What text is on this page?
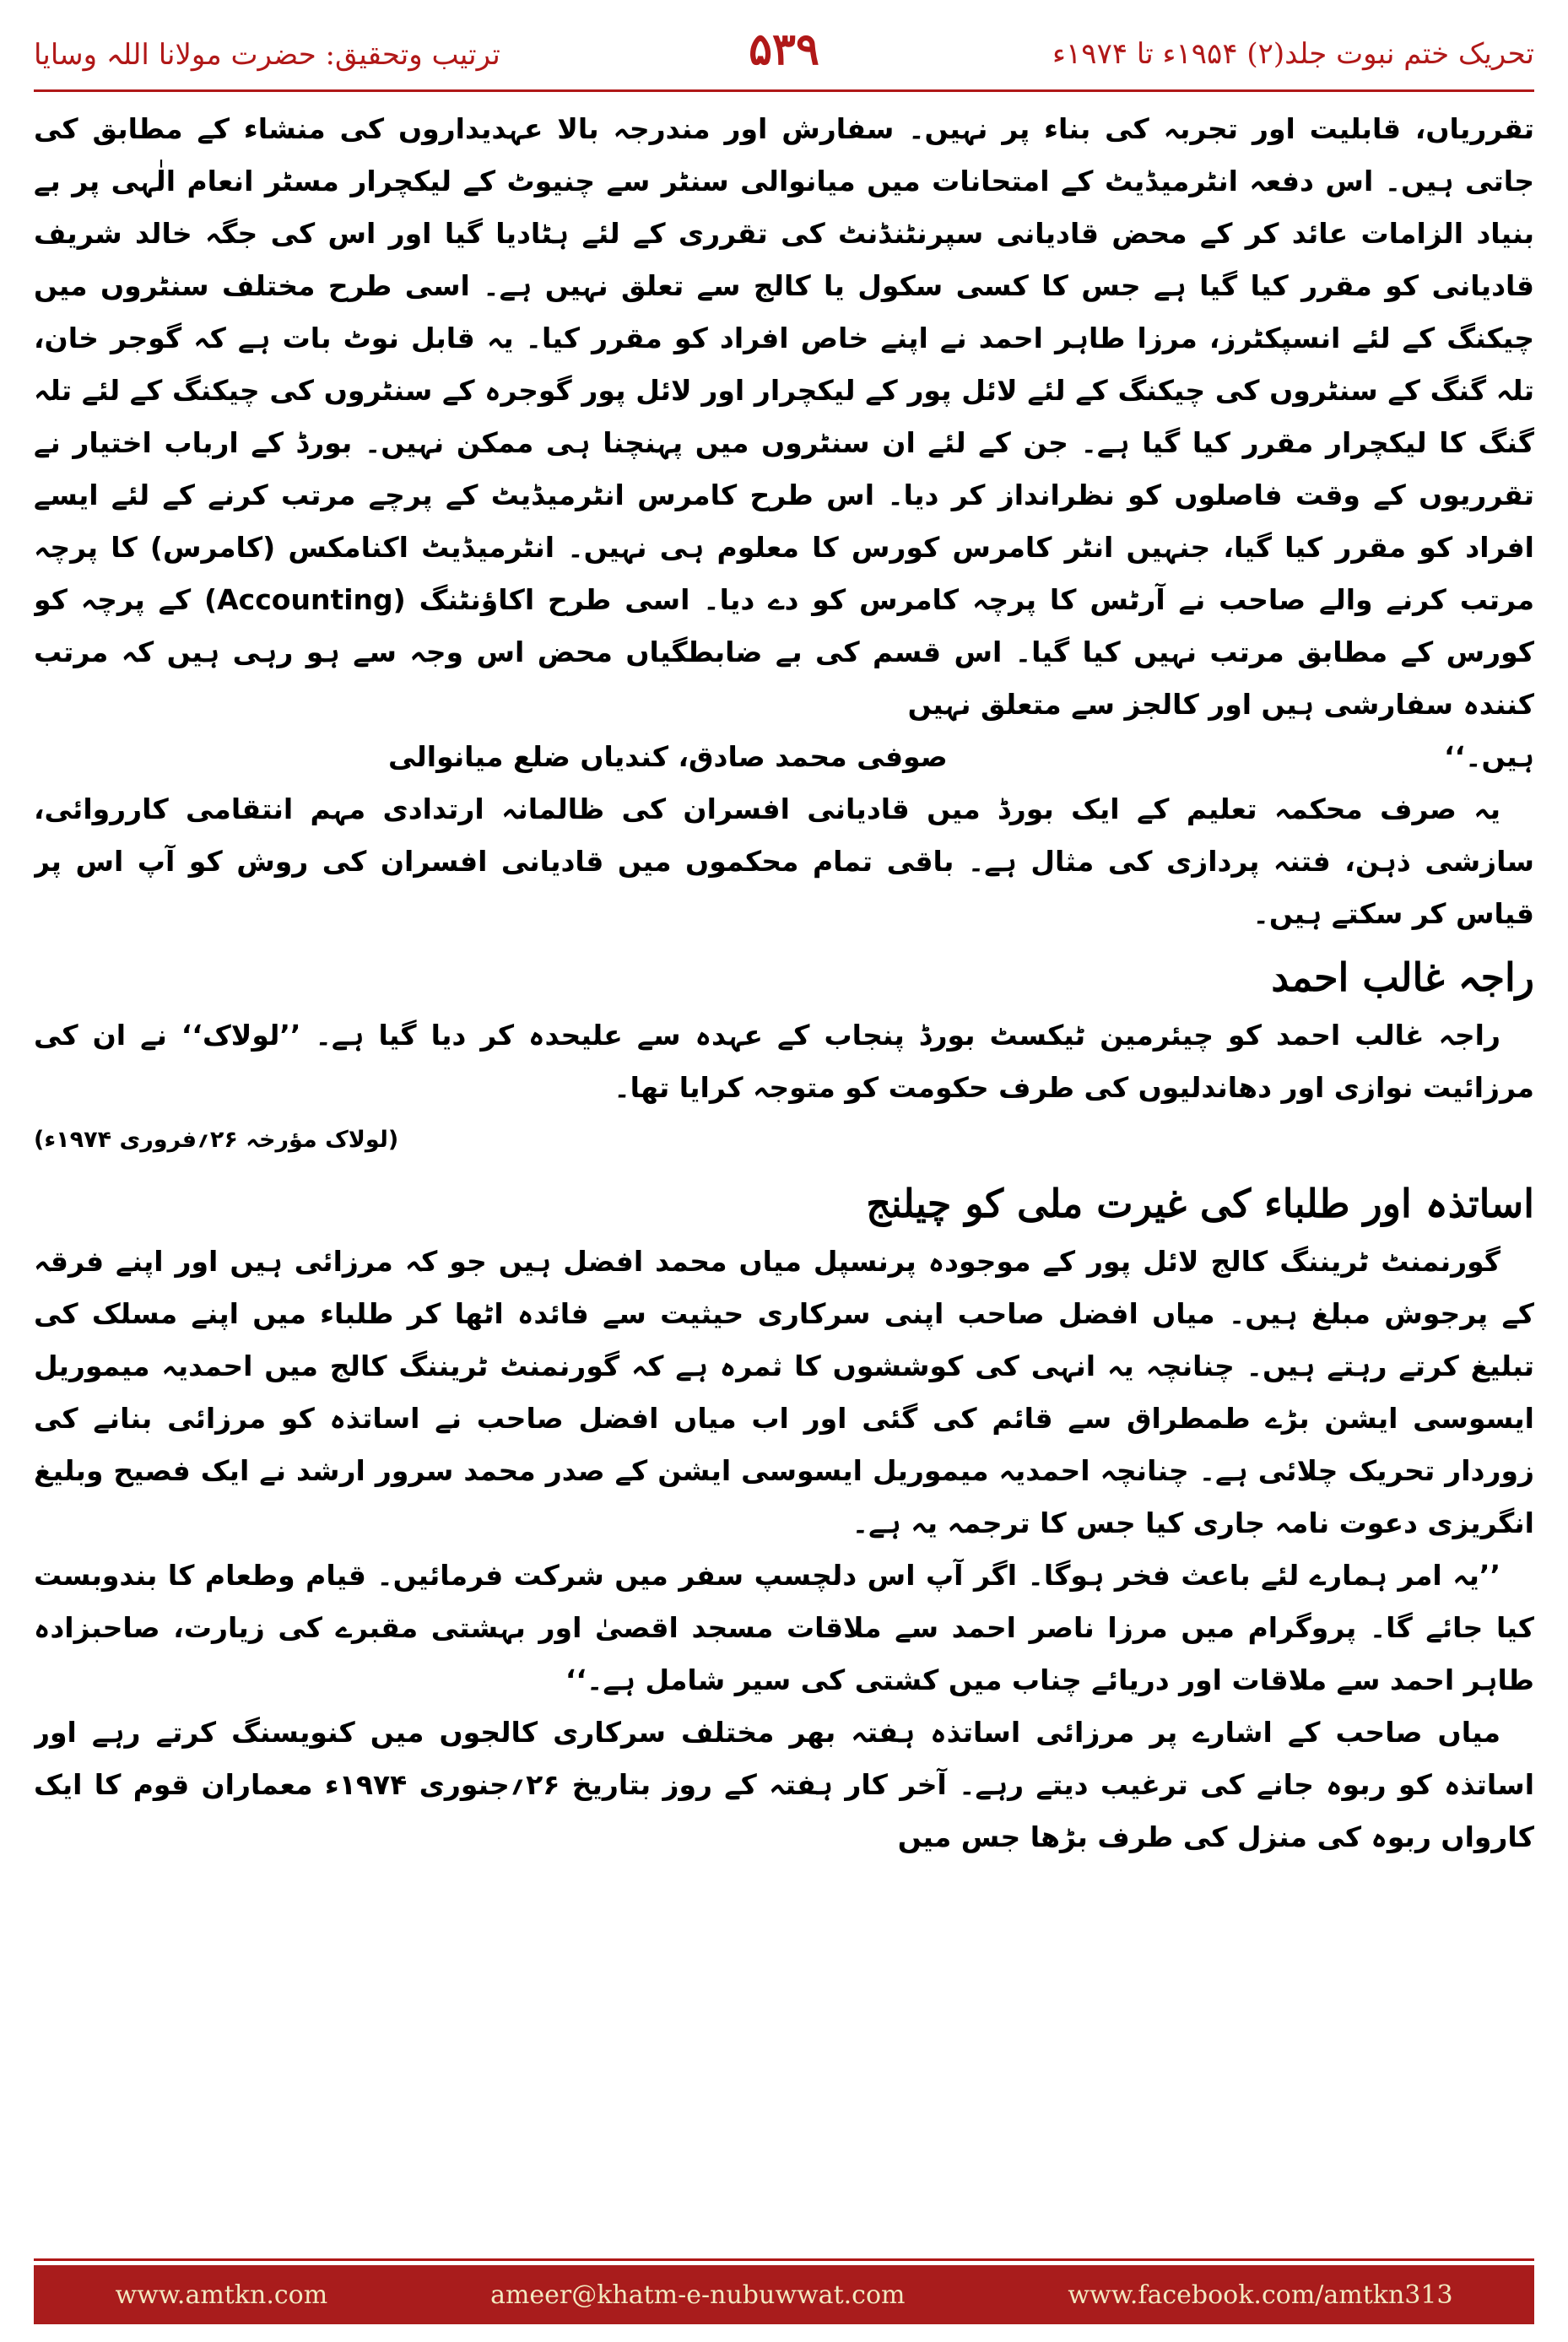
ترتیب وتحقیق: حضرت مولانا اللہ وسایا	۵۳۹	تحریک ختم نبوت جلد(۲) ۱۹۵۴ء تا ۱۹۷۴ء

تقرریاں، قابلیت اور تجربہ کی بناء پر نہیں۔ سفارش اور مندرجہ بالا عہدیداروں کی منشاء کے مطابق کی جاتی ہیں۔ اس دفعہ انٹرمیڈیٹ کے امتحانات میں میانوالی سنٹر سے چنیوٹ کے لیکچرار مسٹر انعام الٰہی پر بے بنیاد الزامات عائد کر کے محض قادیانی سپرنٹنڈنٹ کی تقرری کے لئے ہٹادیا گیا اور اس کی جگہ خالد شریف قادیانی کو مقرر کیا گیا ہے جس کا کسی سکول یا کالج سے تعلق نہیں ہے۔ اسی طرح مختلف سنٹروں میں چیکنگ کے لئے انسپکٹرز، مرزا طاہر احمد نے اپنے خاص افراد کو مقرر کیا۔ یہ قابل نوٹ بات ہے کہ گوجر خان، تلہ گنگ کے سنٹروں کی چیکنگ کے لئے لائل پور کے لیکچرار اور لائل پور گوجرہ کے سنٹروں کی چیکنگ کے لئے تلہ گنگ کا لیکچرار مقرر کیا گیا ہے۔ جن کے لئے ان سنٹروں میں پہنچنا ہی ممکن نہیں۔ بورڈ کے ارباب اختیار نے تقرریوں کے وقت فاصلوں کو نظرانداز کر دیا۔ اس طرح کامرس انٹرمیڈیٹ کے پرچے مرتب کرنے کے لئے ایسے افراد کو مقرر کیا گیا، جنہیں انٹر کامرس کورس کا معلوم ہی نہیں۔ انٹرمیڈیٹ اکنامکس (کامرس) کا پرچہ مرتب کرنے والے صاحب نے آرٹس کا پرچہ کامرس کو دے دیا۔ اسی طرح اکاؤنٹنگ (Accounting) کے پرچہ کو کورس کے مطابق مرتب نہیں کیا گیا۔ اس قسم کی بے ضابطگیاں محض اس وجہ سے ہو رہی ہیں کہ مرتب کنندہ سفارشی ہیں اور کالجز سے متعلق نہیں

ہیں۔‘‘
صوفی محمد صادق، کندیاں ضلع میانوالی

یہ صرف محکمہ تعلیم کے ایک بورڈ میں قادیانی افسران کی ظالمانہ ارتدادی مہم انتقامی کارروائی، سازشی ذہن، فتنہ پردازی کی مثال ہے۔ باقی تمام محکموں میں قادیانی افسران کی روش کو آپ اس پر قیاس کر سکتے ہیں۔

راجہ غالب احمد

راجہ غالب احمد کو چیئرمین ٹیکسٹ بورڈ پنجاب کے عہدہ سے علیحدہ کر دیا گیا ہے۔ ’’لولاک‘‘ نے ان کی مرزائیت نوازی اور دھاندلیوں کی طرف حکومت کو متوجہ کرایا تھا۔

(لولاک مؤرخہ ۲۶؍فروری ۱۹۷۴ء)
اساتذہ اور طلباء کی غیرت ملی کو چیلنج

گورنمنٹ ٹریننگ کالج لائل پور کے موجودہ پرنسپل میاں محمد افضل ہیں جو کہ مرزائی ہیں اور اپنے فرقہ کے پرجوش مبلغ ہیں۔ میاں افضل صاحب اپنی سرکاری حیثیت سے فائدہ اٹھا کر طلباء میں اپنے مسلک کی تبلیغ کرتے رہتے ہیں۔ چنانچہ یہ انہی کی کوششوں کا ثمرہ ہے کہ گورنمنٹ ٹریننگ کالج میں احمدیہ میموریل ایسوسی ایشن بڑے طمطراق سے قائم کی گئی اور اب میاں افضل صاحب نے اساتذہ کو مرزائی بنانے کی زوردار تحریک چلائی ہے۔ چنانچہ احمدیہ میموریل ایسوسی ایشن کے صدر محمد سرور ارشد نے ایک فصیح وبلیغ انگریزی دعوت نامہ جاری کیا جس کا ترجمہ یہ ہے۔

’’یہ امر ہمارے لئے باعث فخر ہوگا۔ اگر آپ اس دلچسپ سفر میں شرکت فرمائیں۔ قیام وطعام کا بندوبست کیا جائے گا۔ پروگرام میں مرزا ناصر احمد سے ملاقات مسجد اقصیٰ اور بہشتی مقبرے کی زیارت، صاحبزادہ طاہر احمد سے ملاقات اور دریائے چناب میں کشتی کی سیر شامل ہے۔‘‘

میاں صاحب کے اشارے پر مرزائی اساتذہ ہفتہ بھر مختلف سرکاری کالجوں میں کنویسنگ کرتے رہے اور اساتذہ کو ربوہ جانے کی ترغیب دیتے رہے۔ آخر کار ہفتہ کے روز بتاریخ ۲۶؍جنوری ۱۹۷۴ء معماران قوم کا ایک کارواں ربوہ کی منزل کی طرف بڑھا جس میں

www.amtkn.com	ameer@khatm-e-nubuwwat.com	www.facebook.com/amtkn313
